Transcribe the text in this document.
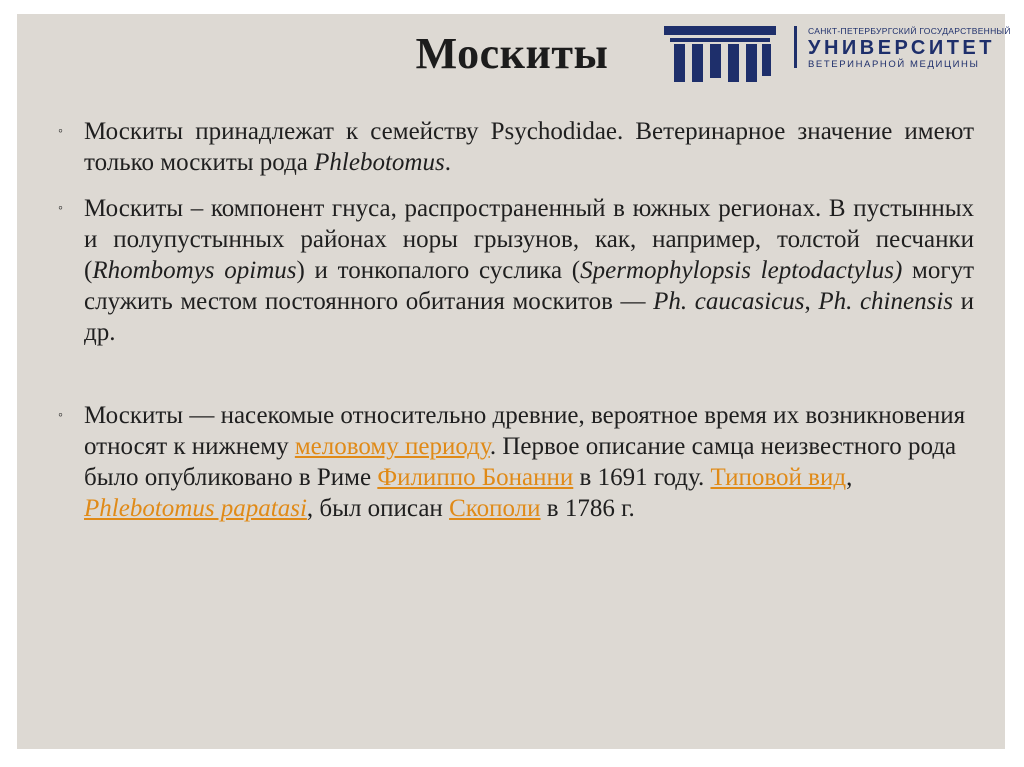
Москиты	САНКТ-ПЕТЕРБУРГСКИЙ ГОСУДАРСТВЕННЫЙ
УНИВЕРСИТЕТ
ВЕТЕРИНАРНОЙ МЕДИЦИНЫ
◦ Москиты принадлежат к семейству Psychodidae. Ветеринарное значение имеют только москиты рода Phlebotomus.
◦ Москиты – компонент гнуса, распространенный в южных регионах. В пустынных и полупустынных районах норы грызунов, как, например, толстой песчанки (Rhombomys opimus) и тонкопалого суслика (Spermophylopsis leptodactylus) могут служить местом постоянного обитания москитов — Ph. caucasicus, Ph. chinensis и др.
◦ Москиты — насекомые относительно древние, вероятное время их возникновения относят к нижнему меловому периоду. Первое описание самца неизвестного рода было опубликовано в Риме Филиппо Бонанни в 1691 году. Типовой вид, Phlebotomus papatasi, был описан Скополи в 1786 г.
